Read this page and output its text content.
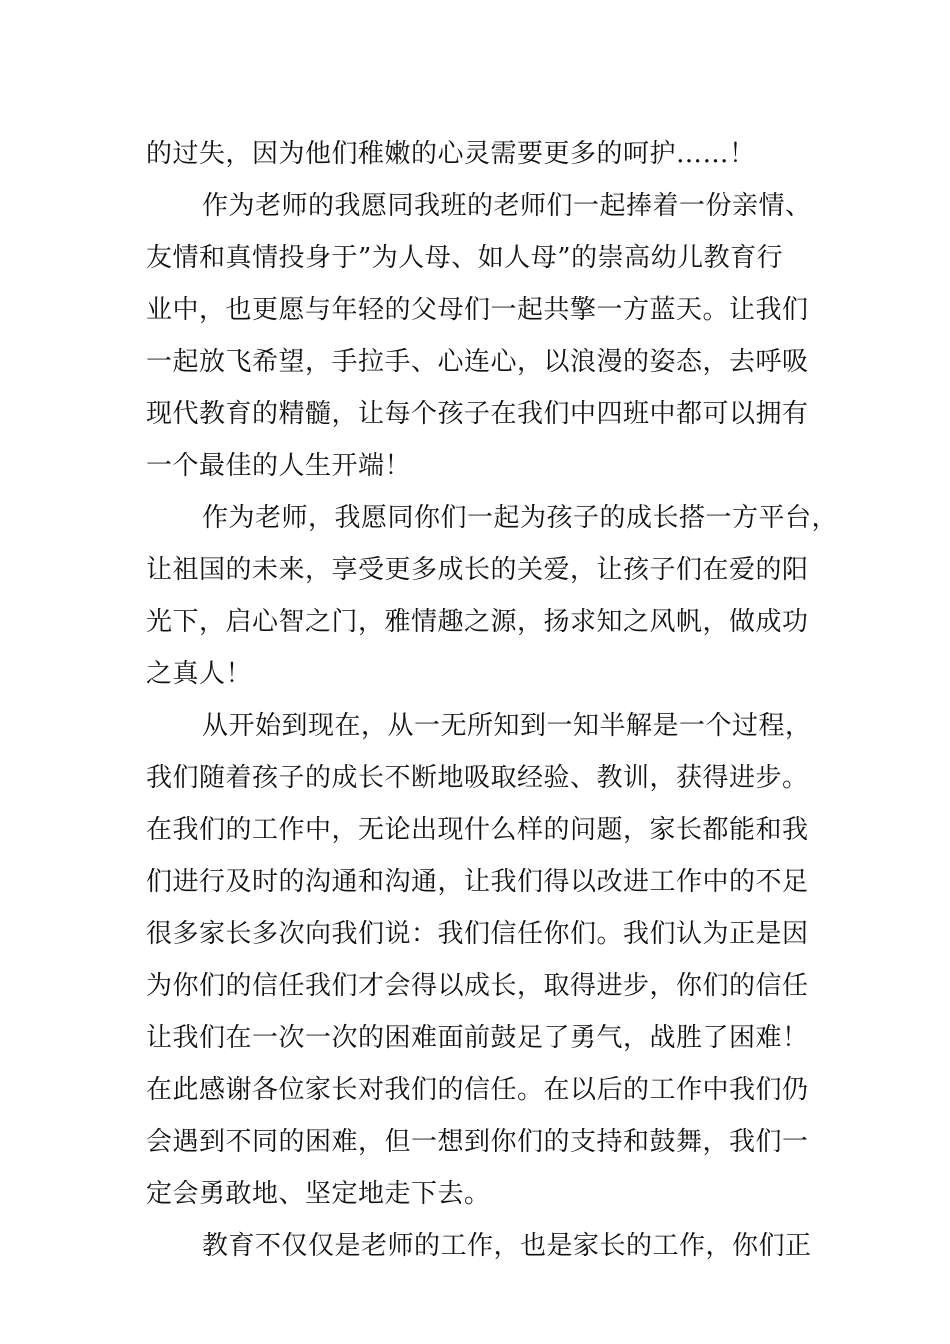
的过失，因为他们稚嫩的心灵需要更多的呵护……！
作为老师的我愿同我班的老师们一起捧着一份亲情、
友情和真情投身于”为人母、如人母”的崇高幼儿教育行
业中，也更愿与年轻的父母们一起共擎一方蓝天。让我们
一起放飞希望，手拉手、心连心，以浪漫的姿态，去呼吸
现代教育的精髓，让每个孩子在我们中四班中都可以拥有
一个最佳的人生开端！
作为老师，我愿同你们一起为孩子的成长搭一方平台，
让祖国的未来，享受更多成长的关爱，让孩子们在爱的阳
光下，启心智之门，雅情趣之源，扬求知之风帆，做成功
之真人！
从开始到现在，从一无所知到一知半解是一个过程，
我们随着孩子的成长不断地吸取经验、教训，获得进步。
在我们的工作中，无论出现什么样的问题，家长都能和我
们进行及时的沟通和沟通，让我们得以改进工作中的不足
很多家长多次向我们说：我们信任你们。我们认为正是因
为你们的信任我们才会得以成长，取得进步，你们的信任
让我们在一次一次的困难面前鼓足了勇气，战胜了困难！
在此感谢各位家长对我们的信任。在以后的工作中我们仍
会遇到不同的困难，但一想到你们的支持和鼓舞，我们一
定会勇敢地、坚定地走下去。
教育不仅仅是老师的工作，也是家长的工作，你们正
